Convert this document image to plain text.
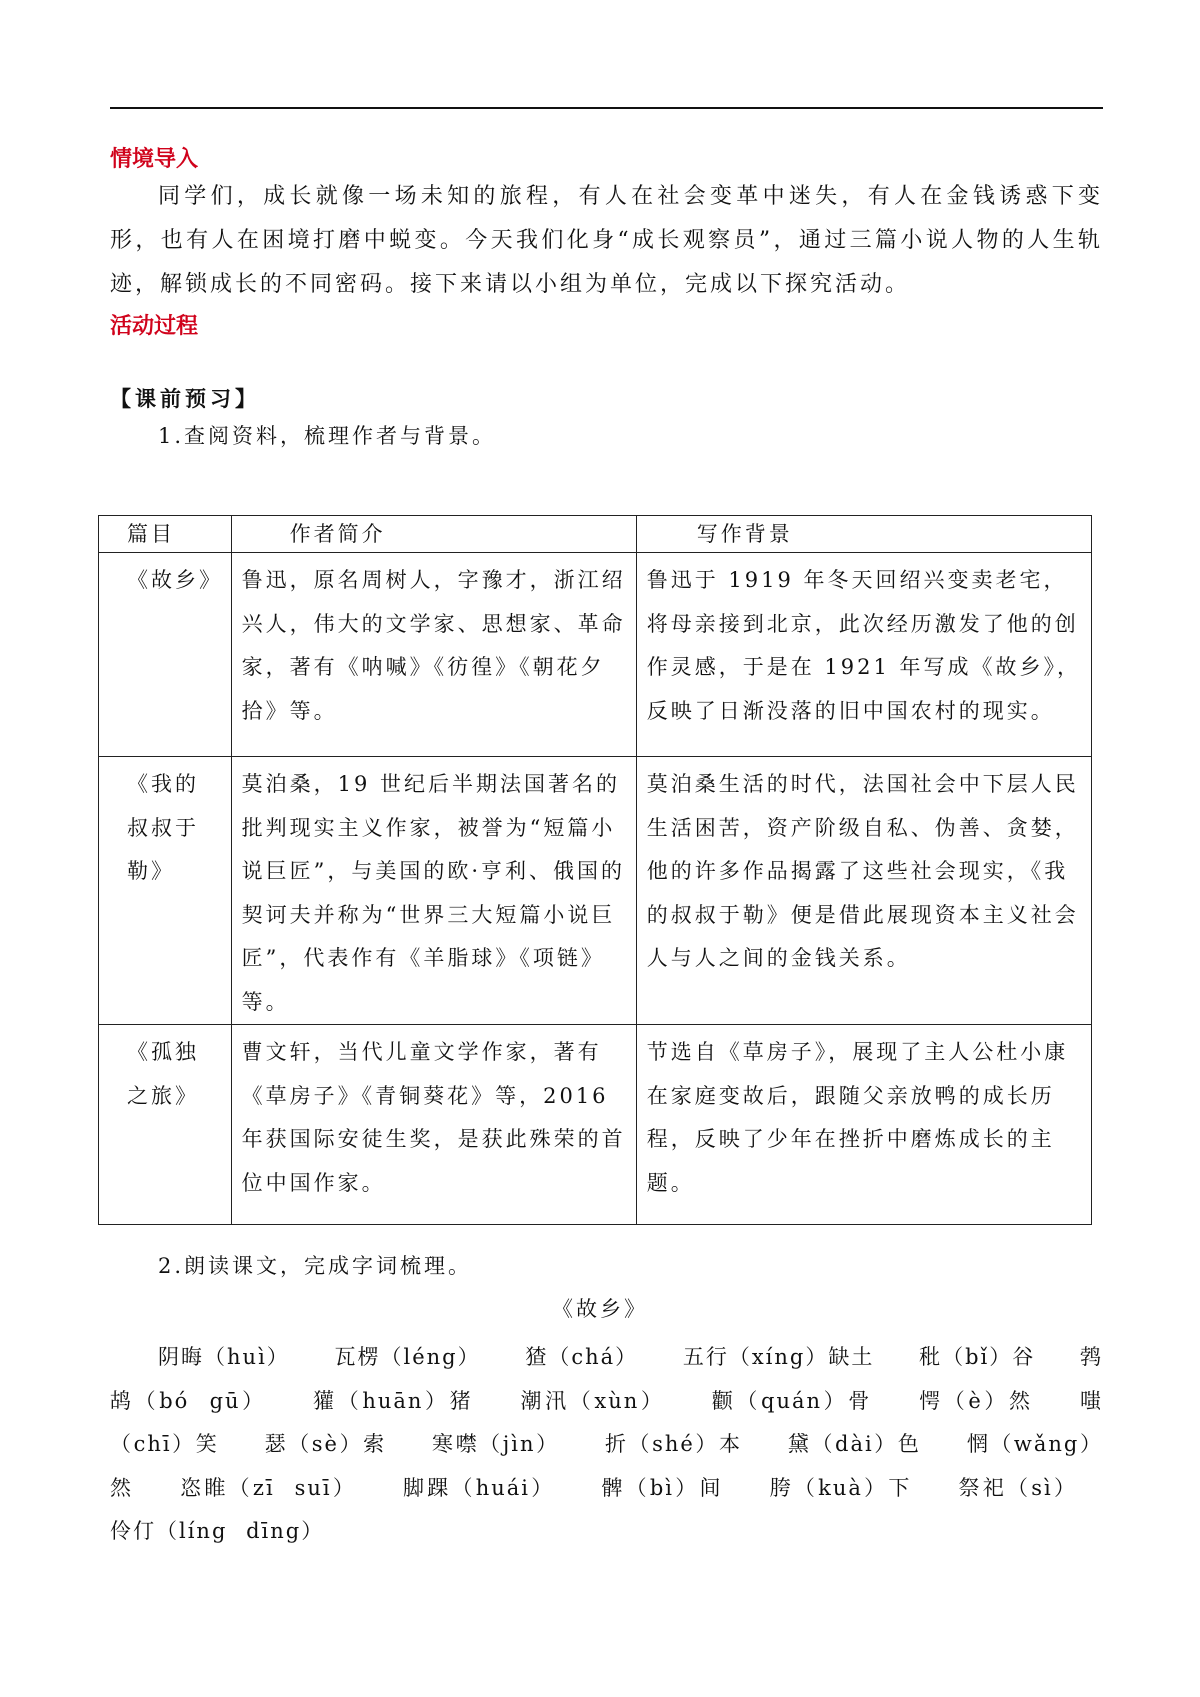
情境导入
同学们，成长就像一场未知的旅程，有人在社会变革中迷失，有人在金钱诱惑下变形，也有人在困境打磨中蜕变。今天我们化身“成长观察员”，通过三篇小说人物的人生轨迹，解锁成长的不同密码。接下来请以小组为单位，完成以下探究活动。
活动过程
【课前预习】
1.查阅资料，梳理作者与背景。
篇目	作者简介	写作背景
《故乡》	鲁迅，原名周树人，字豫才，浙江绍兴人，伟大的文学家、思想家、革命家，著有《呐喊》《彷徨》《朝花夕拾》等。	鲁迅于 1919 年冬天回绍兴变卖老宅，将母亲接到北京，此次经历激发了他的创作灵感，于是在 1921 年写成《故乡》，反映了日渐没落的旧中国农村的现实。
《我的叔叔于勒》	莫泊桑，19 世纪后半期法国著名的批判现实主义作家，被誉为“短篇小说巨匠”，与美国的欧·亨利、俄国的契诃夫并称为“世界三大短篇小说巨匠”，代表作有《羊脂球》《项链》等。	莫泊桑生活的时代，法国社会中下层人民生活困苦，资产阶级自私、伪善、贪婪，他的许多作品揭露了这些社会现实，《我的叔叔于勒》便是借此展现资本主义社会人与人之间的金钱关系。
《孤独之旅》	曹文轩，当代儿童文学作家，著有《草房子》《青铜葵花》等，2016 年获国际安徒生奖，是获此殊荣的首位中国作家。	节选自《草房子》，展现了主人公杜小康在家庭变故后，跟随父亲放鸭的成长历程，反映了少年在挫折中磨炼成长的主题。
2.朗读课文，完成字词梳理。
《故乡》
阴晦（huì） 瓦楞（léng） 猹（chá） 五行（xíng）缺土 秕（bǐ）谷 鹁鸪（bó gū） 獾（huān）猪 潮汛（xùn） 颧（quán）骨 愕（è）然 嗤（chī）笑 瑟（sè）索 寒噤（jìn） 折（shé）本 黛（dài）色 惘（wǎng）然 恣睢（zī suī） 脚踝（huái） 髀（bì）间 胯（kuà）下 祭祀（sì） 伶仃（líng dīng）
